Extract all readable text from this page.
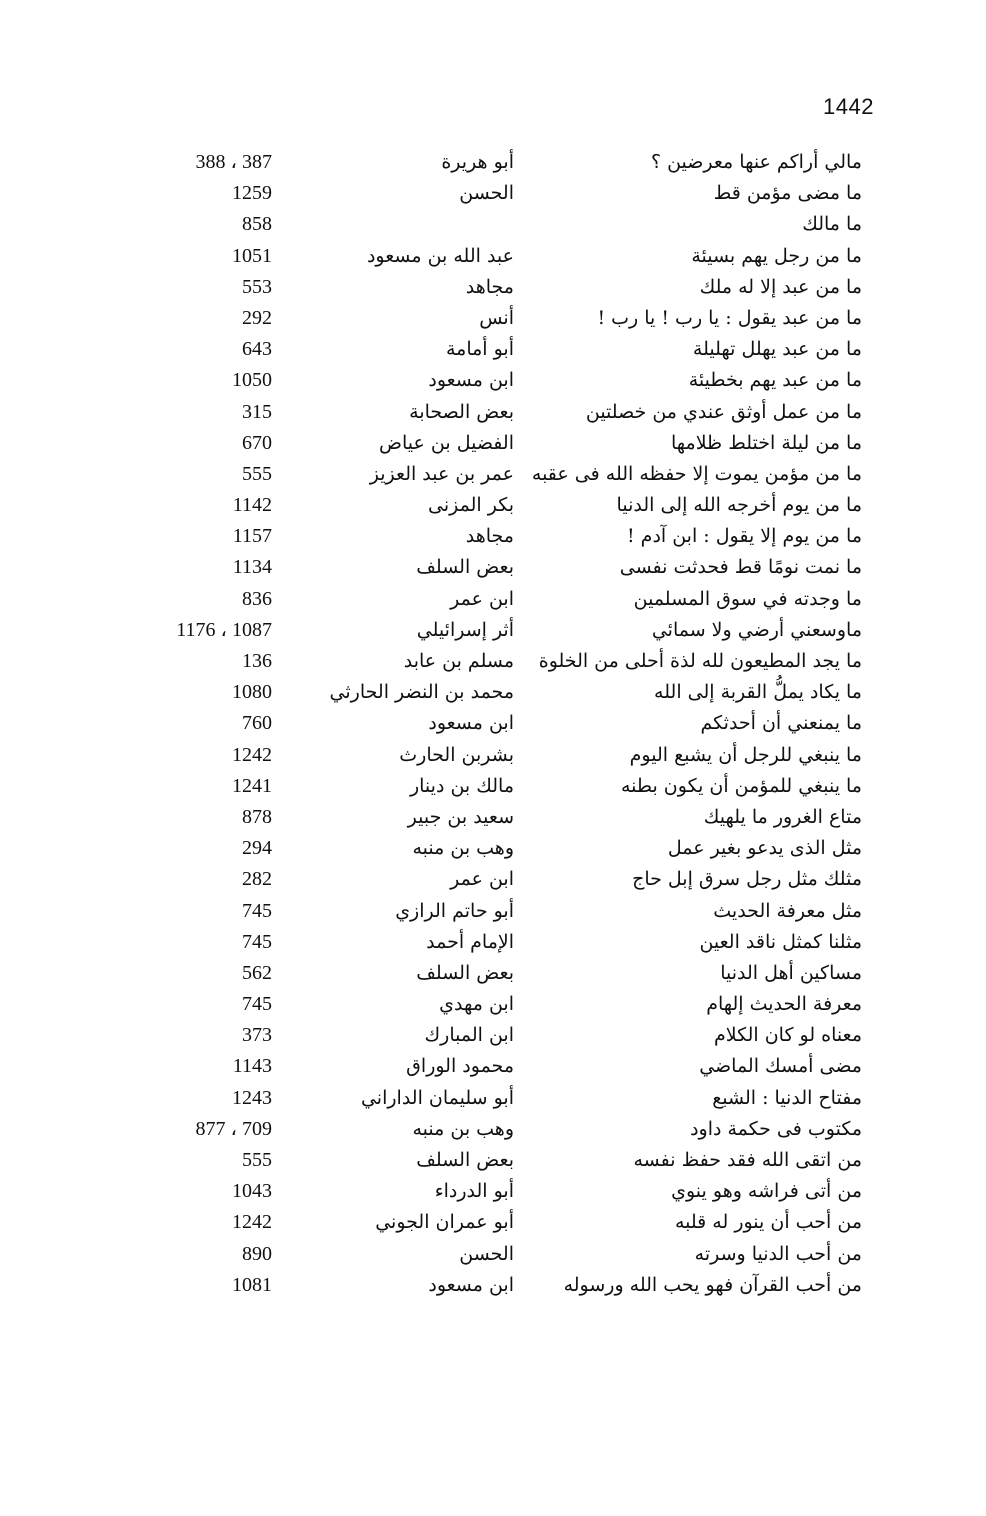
1442
مالي أراكم عنها معرضين ؟
أبو هريرة
387 ، 388
ما مضى مؤمن قط
الحسن
1259
ما مالك
858
ما من رجل يهم بسيئة
عبد الله بن مسعود
1051
ما من عبد إلا له ملك
مجاهد
553
ما من عبد يقول : يا رب ! يا رب !
أنس
292
ما من عبد يهلل تهليلة
أبو أمامة
643
ما من عبد يهم بخطيئة
ابن مسعود
1050
ما من عمل أوثق عندي من خصلتين
بعض الصحابة
315
ما من ليلة اختلط ظلامها
الفضيل بن عياض
670
ما من مؤمن يموت إلا حفظه الله فى عقبه
عمر بن عبد العزيز
555
ما من يوم أخرجه الله إلى الدنيا
بكر المزنى
1142
ما من يوم إلا يقول : ابن آدم !
مجاهد
1157
ما نمت نومًا قط فحدثت نفسى
بعض السلف
1134
ما وجدته في سوق المسلمين
ابن عمر
836
ماوسعني أرضي ولا سمائي
أثر إسرائيلي
1087 ، 1176
ما يجد المطيعون لله لذة أحلى من الخلوة
مسلم بن عابد
136
ما يكاد يملُّ القربة إلى الله
محمد بن النضر الحارثي
1080
ما يمنعني أن أحدثكم
ابن مسعود
760
ما ينبغي للرجل أن يشبع اليوم
بشربن الحارث
1242
ما ينبغي للمؤمن أن يكون بطنه
مالك بن دينار
1241
متاع الغرور ما يلهيك
سعيد بن جبير
878
مثل الذى يدعو بغير عمل
وهب بن منبه
294
مثلك مثل رجل سرق إبل حاج
ابن عمر
282
مثل معرفة الحديث
أبو حاتم الرازي
745
مثلنا كمثل ناقد العين
الإمام أحمد
745
مساكين أهل الدنيا
بعض السلف
562
معرفة الحديث إلهام
ابن مهدي
745
معناه لو كان الكلام
ابن المبارك
373
مضى أمسك الماضي
محمود الوراق
1143
مفتاح الدنيا : الشبع
أبو سليمان الداراني
1243
مكتوب فى حكمة داود
وهب بن منبه
709 ، 877
من اتقى الله فقد حفظ نفسه
بعض السلف
555
من أتى فراشه وهو ينوي
أبو الدرداء
1043
من أحب أن ينور له قلبه
أبو عمران الجوني
1242
من أحب الدنيا وسرته
الحسن
890
من أحب القرآن فهو يحب الله ورسوله
ابن مسعود
1081
